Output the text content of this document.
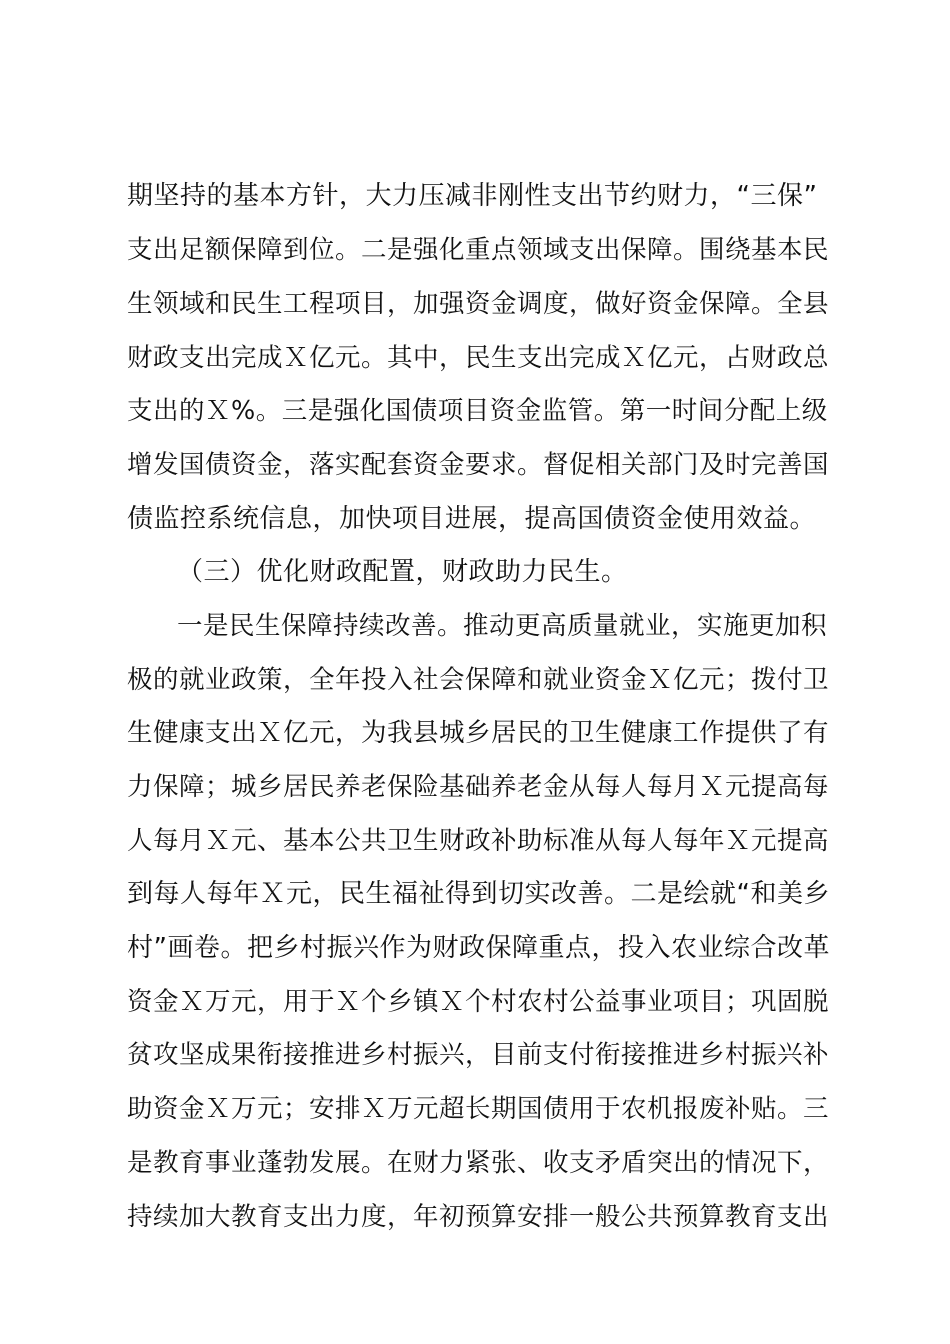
期坚持的基本方针，大力压减非刚性支出节约财力，“三保”
支出足额保障到位。二是强化重点领域支出保障。围绕基本民
生领域和民生工程项目，加强资金调度，做好资金保障。全县
财政支出完成Ｘ亿元。其中，民生支出完成Ｘ亿元，占财政总
支出的Ｘ%。三是强化国债项目资金监管。第一时间分配上级
增发国债资金，落实配套资金要求。督促相关部门及时完善国
债监控系统信息，加快项目进展，提高国债资金使用效益。
（三）优化财政配置，财政助力民生。
一是民生保障持续改善。推动更高质量就业，实施更加积
极的就业政策，全年投入社会保障和就业资金Ｘ亿元；拨付卫
生健康支出Ｘ亿元，为我县城乡居民的卫生健康工作提供了有
力保障；城乡居民养老保险基础养老金从每人每月Ｘ元提高每
人每月Ｘ元、基本公共卫生财政补助标准从每人每年Ｘ元提高
到每人每年Ｘ元，民生福祉得到切实改善。二是绘就“和美乡
村”画卷。把乡村振兴作为财政保障重点，投入农业综合改革
资金Ｘ万元，用于Ｘ个乡镇Ｘ个村农村公益事业项目；巩固脱
贫攻坚成果衔接推进乡村振兴，目前支付衔接推进乡村振兴补
助资金Ｘ万元；安排Ｘ万元超长期国债用于农机报废补贴。三
是教育事业蓬勃发展。在财力紧张、收支矛盾突出的情况下，
持续加大教育支出力度，年初预算安排一般公共预算教育支出
